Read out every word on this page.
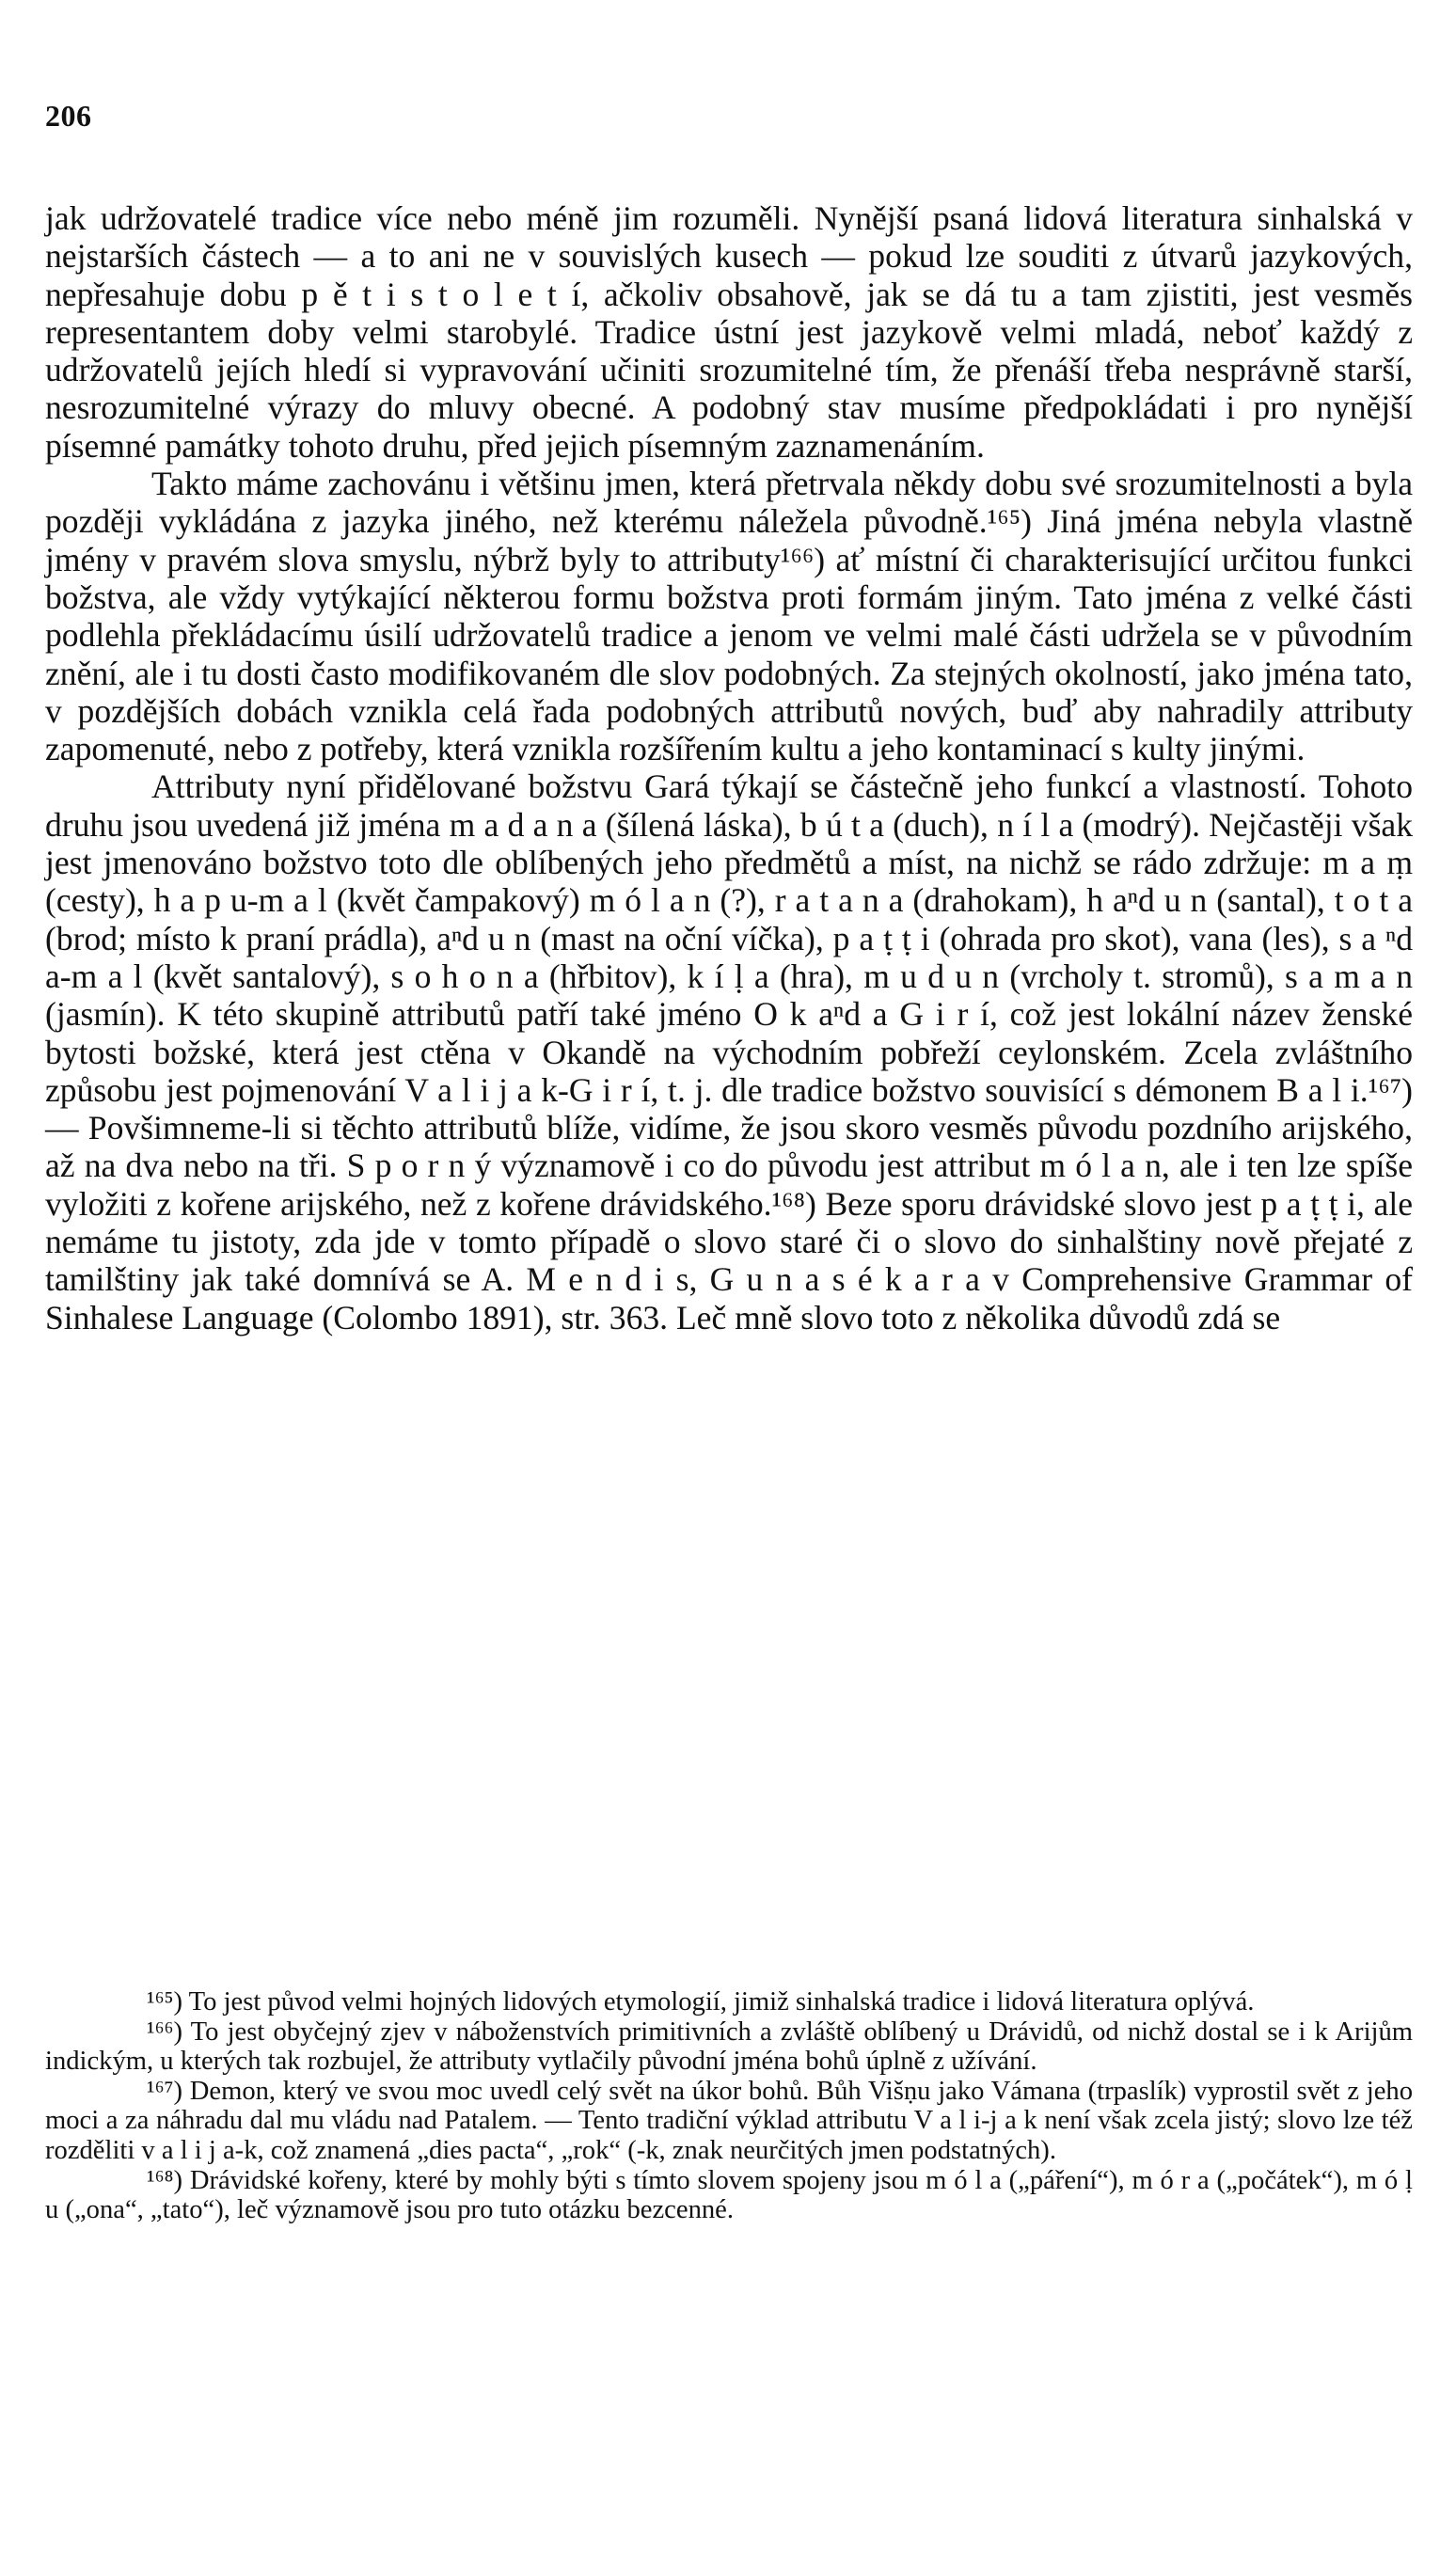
206

jak udržovatelé tradice více nebo méně jim rozuměli. Nynější psaná lidová literatura sinhalská v nejstarších částech — a to ani ne v souvislých kusech — pokud lze souditi z útvarů jazykových, nepřesahuje dobu p ě t i s t o l e t í, ačkoliv obsahově, jak se dá tu a tam zjistiti, jest vesměs representantem doby velmi starobylé. Tradice ústní jest jazykově velmi mladá, neboť každý z udržovatelů jejích hledí si vypravování učiniti srozumitelné tím, že přenáší třeba nesprávně starší, nesrozumitelné výrazy do mluvy obecné. A podobný stav musíme předpokládati i pro nynější písemné památky tohoto druhu, před jejich písemným zaznamenáním.

Takto máme zachovánu i většinu jmen, která přetrvala někdy dobu své srozumitelnosti a byla později vykládána z jazyka jiného, než kterému náležela původně.¹⁶⁵) Jiná jména nebyla vlastně jmény v pravém slova smyslu, nýbrž byly to attributy¹⁶⁶) ať místní či charakterisující určitou funkci božstva, ale vždy vytýkající některou formu božstva proti formám jiným. Tato jména z velké části podlehla překládacímu úsilí udržovatelů tradice a jenom ve velmi malé části udržela se v původním znění, ale i tu dosti často modifikovaném dle slov podobných. Za stejných okolností, jako jména tato, v pozdějších dobách vznikla celá řada podobných attributů nových, buď aby nahradily attributy zapomenuté, nebo z potřeby, která vznikla rozšířením kultu a jeho kontaminací s kulty jinými.

Attributy nyní přidělované božstvu Gará týkají se částečně jeho funkcí a vlastností. Tohoto druhu jsou uvedená již jména m a d a n a (šílená láska), b ú t a (duch), n í l a (modrý). Nejčastěji však jest jmenováno božstvo toto dle oblíbených jeho předmětů a míst, na nichž se rádo zdržuje: m a ṃ (cesty), h a p u-m a l (květ čampakový) m ó l a n (?), r a t a n a (drahokam), h aⁿd u n (santal), t o t a (brod; místo k praní prádla), aⁿd u n (mast na oční víčka), p a ṭ ṭ i (ohrada pro skot), vana (les), s a ⁿd a-m a l (květ santalový), s o h o n a (hřbitov), k í ḷ a (hra), m u d u n (vrcholy t. stromů), s a m a n (jasmín). K této skupině attributů patří také jméno O k aⁿd a G i r í, což jest lokální název ženské bytosti božské, která jest ctěna v Okandě na východním pobřeží ceylonském. Zcela zvláštního způsobu jest pojmenování V a l i j a k-G i r í, t. j. dle tradice božstvo souvisící s démonem B a l i.¹⁶⁷) — Povšimneme-li si těchto attributů blíže, vidíme, že jsou skoro vesměs původu pozdního arijského, až na dva nebo na tři. S p o r n ý významově i co do původu jest attribut m ó l a n, ale i ten lze spíše vyložiti z kořene arijského, než z kořene drávidského.¹⁶⁸) Beze sporu drávidské slovo jest p a ṭ ṭ i, ale nemáme tu jistoty, zda jde v tomto případě o slovo staré či o slovo do sinhalštiny nově přejaté z tamilštiny jak také domnívá se A. M e n d i s, G u n a s é k a r a v Comprehensive Grammar of Sinhalese Language (Colombo 1891), str. 363. Leč mně slovo toto z několika důvodů zdá se

¹⁶⁵) To jest původ velmi hojných lidových etymologií, jimiž sinhalská tradice i lidová literatura oplývá.

¹⁶⁶) To jest obyčejný zjev v náboženstvích primitivních a zvláště oblíbený u Drávidů, od nichž dostal se i k Arijům indickým, u kterých tak rozbujel, že attributy vytlačily původní jména bohů úplně z užívání.

¹⁶⁷) Demon, který ve svou moc uvedl celý svět na úkor bohů. Bůh Višṇu jako Vámana (trpaslík) vyprostil svět z jeho moci a za náhradu dal mu vládu nad Patalem. — Tento tradiční výklad attributu V a l i-j a k není však zcela jistý; slovo lze též rozděliti v a l i j a-k, což znamená „dies pacta“, „rok“ (-k, znak neurčitých jmen podstatných).

¹⁶⁸) Drávidské kořeny, které by mohly býti s tímto slovem spojeny jsou m ó l a („páření“), m ó r a („počátek“), m ó ḷ u („ona“, „tato“), leč významově jsou pro tuto otázku bezcenné.
